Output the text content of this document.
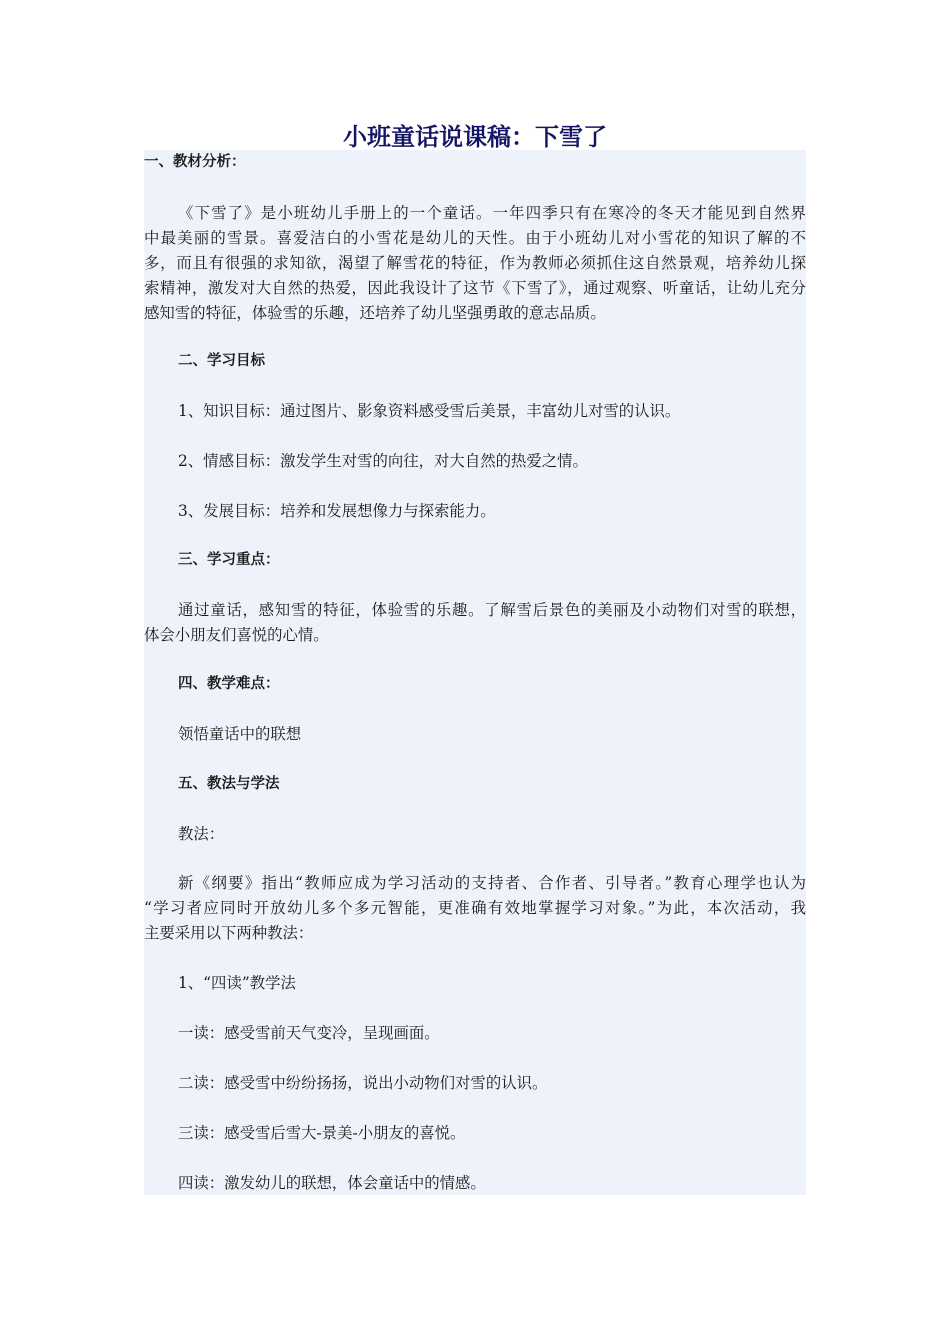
小班童话说课稿：下雪了

一、教材分析：

《下雪了》是小班幼儿手册上的一个童话。一年四季只有在寒冷的冬天才能见到自然界

中最美丽的雪景。喜爱洁白的小雪花是幼儿的天性。由于小班幼儿对小雪花的知识了解的不

多，而且有很强的求知欲，渴望了解雪花的特征，作为教师必须抓住这自然景观，培养幼儿探

索精神，激发对大自然的热爱，因此我设计了这节《下雪了》，通过观察、听童话，让幼儿充分

感知雪的特征，体验雪的乐趣，还培养了幼儿坚强勇敢的意志品质。

二、学习目标

1、知识目标：通过图片、影象资料感受雪后美景，丰富幼儿对雪的认识。

2、情感目标：激发学生对雪的向往，对大自然的热爱之情。

3、发展目标：培养和发展想像力与探索能力。

三、学习重点：

通过童话，感知雪的特征，体验雪的乐趣。了解雪后景色的美丽及小动物们对雪的联想，

体会小朋友们喜悦的心情。

四、教学难点：

领悟童话中的联想

五、教法与学法

教法：

新《纲要》指出“教师应成为学习活动的支持者、合作者、引导者。”教育心理学也认为

“学习者应同时开放幼儿多个多元智能，更准确有效地掌握学习对象。”为此，本次活动，我

主要采用以下两种教法：

1、“四读”教学法

一读：感受雪前天气变冷，呈现画面。

二读：感受雪中纷纷扬扬，说出小动物们对雪的认识。

三读：感受雪后雪大-景美-小朋友的喜悦。

四读：激发幼儿的联想，体会童话中的情感。
